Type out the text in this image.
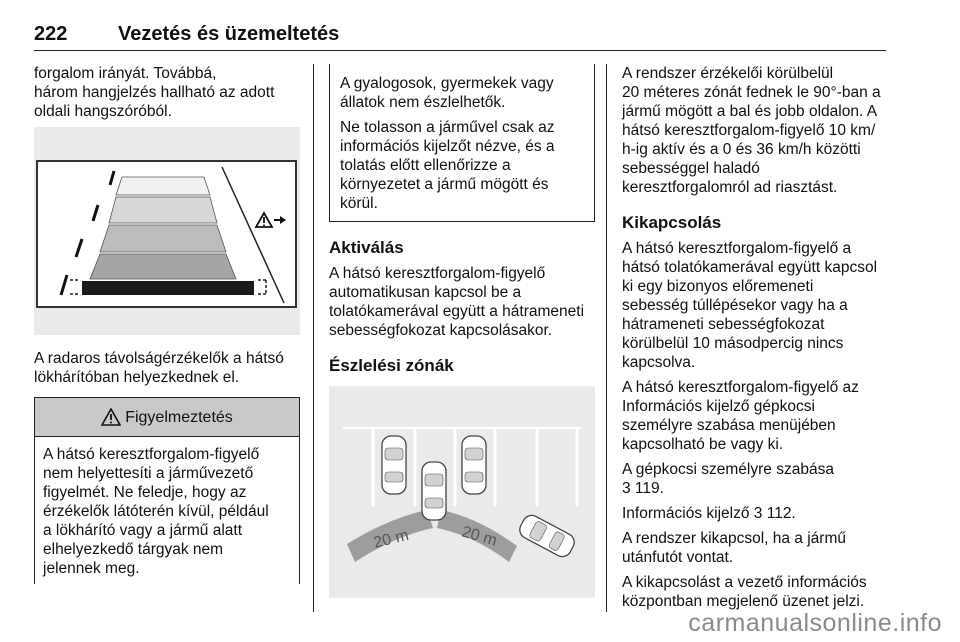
222	Vezetés és üzemeltetés

forgalom irányát. Továbbá,
három hangjelzés hallható az adott
oldali hangszóróból.

A radaros távolságérzékelők a hátsó
lökhárítóban helyezkednek el.

Figyelmeztetés
A hátsó keresztforgalom-figyelő
nem helyettesíti a járművezető
figyelmét. Ne feledje, hogy az
érzékelők látóterén kívül, például
a lökhárító vagy a jármű alatt
elhelyezkedő tárgyak nem
jelennek meg.

A gyalogosok, gyermekek vagy
állatok nem észlelhetők.

Ne tolasson a járművel csak az
információs kijelzőt nézve, és a
tolatás előtt ellenőrizze a
környezetet a jármű mögött és
körül.

Aktiválás

A hátsó keresztforgalom-figyelő
automatikusan kapcsol be a
tolatókamerával együtt a hátrameneti
sebességfokozat kapcsolásakor.

Észlelési zónák
20 m	20 m

A rendszer érzékelői körülbelül
20 méteres zónát fednek le 90°-ban a
jármű mögött a bal és jobb oldalon. A
hátsó keresztforgalom-figyelő 10 km/
h-ig aktív és a 0 és 36 km/h közötti
sebességgel haladó
keresztforgalomról ad riasztást.

Kikapcsolás

A hátsó keresztforgalom-figyelő a
hátsó tolatókamerával együtt kapcsol
ki egy bizonyos előremeneti
sebesség túllépésekor vagy ha a
hátrameneti sebességfokozat
körülbelül 10 másodpercig nincs
kapcsolva.

A hátsó keresztforgalom-figyelő az
Információs kijelző gépkocsi
személyre szabása menüjében
kapcsolható be vagy ki.

A gépkocsi személyre szabása
3 119.

Információs kijelző 3 112.

A rendszer kikapcsol, ha a jármű
utánfutót vontat.

A kikapcsolást a vezető információs
központban megjelenő üzenet jelzi.

carmanualsonline.info
